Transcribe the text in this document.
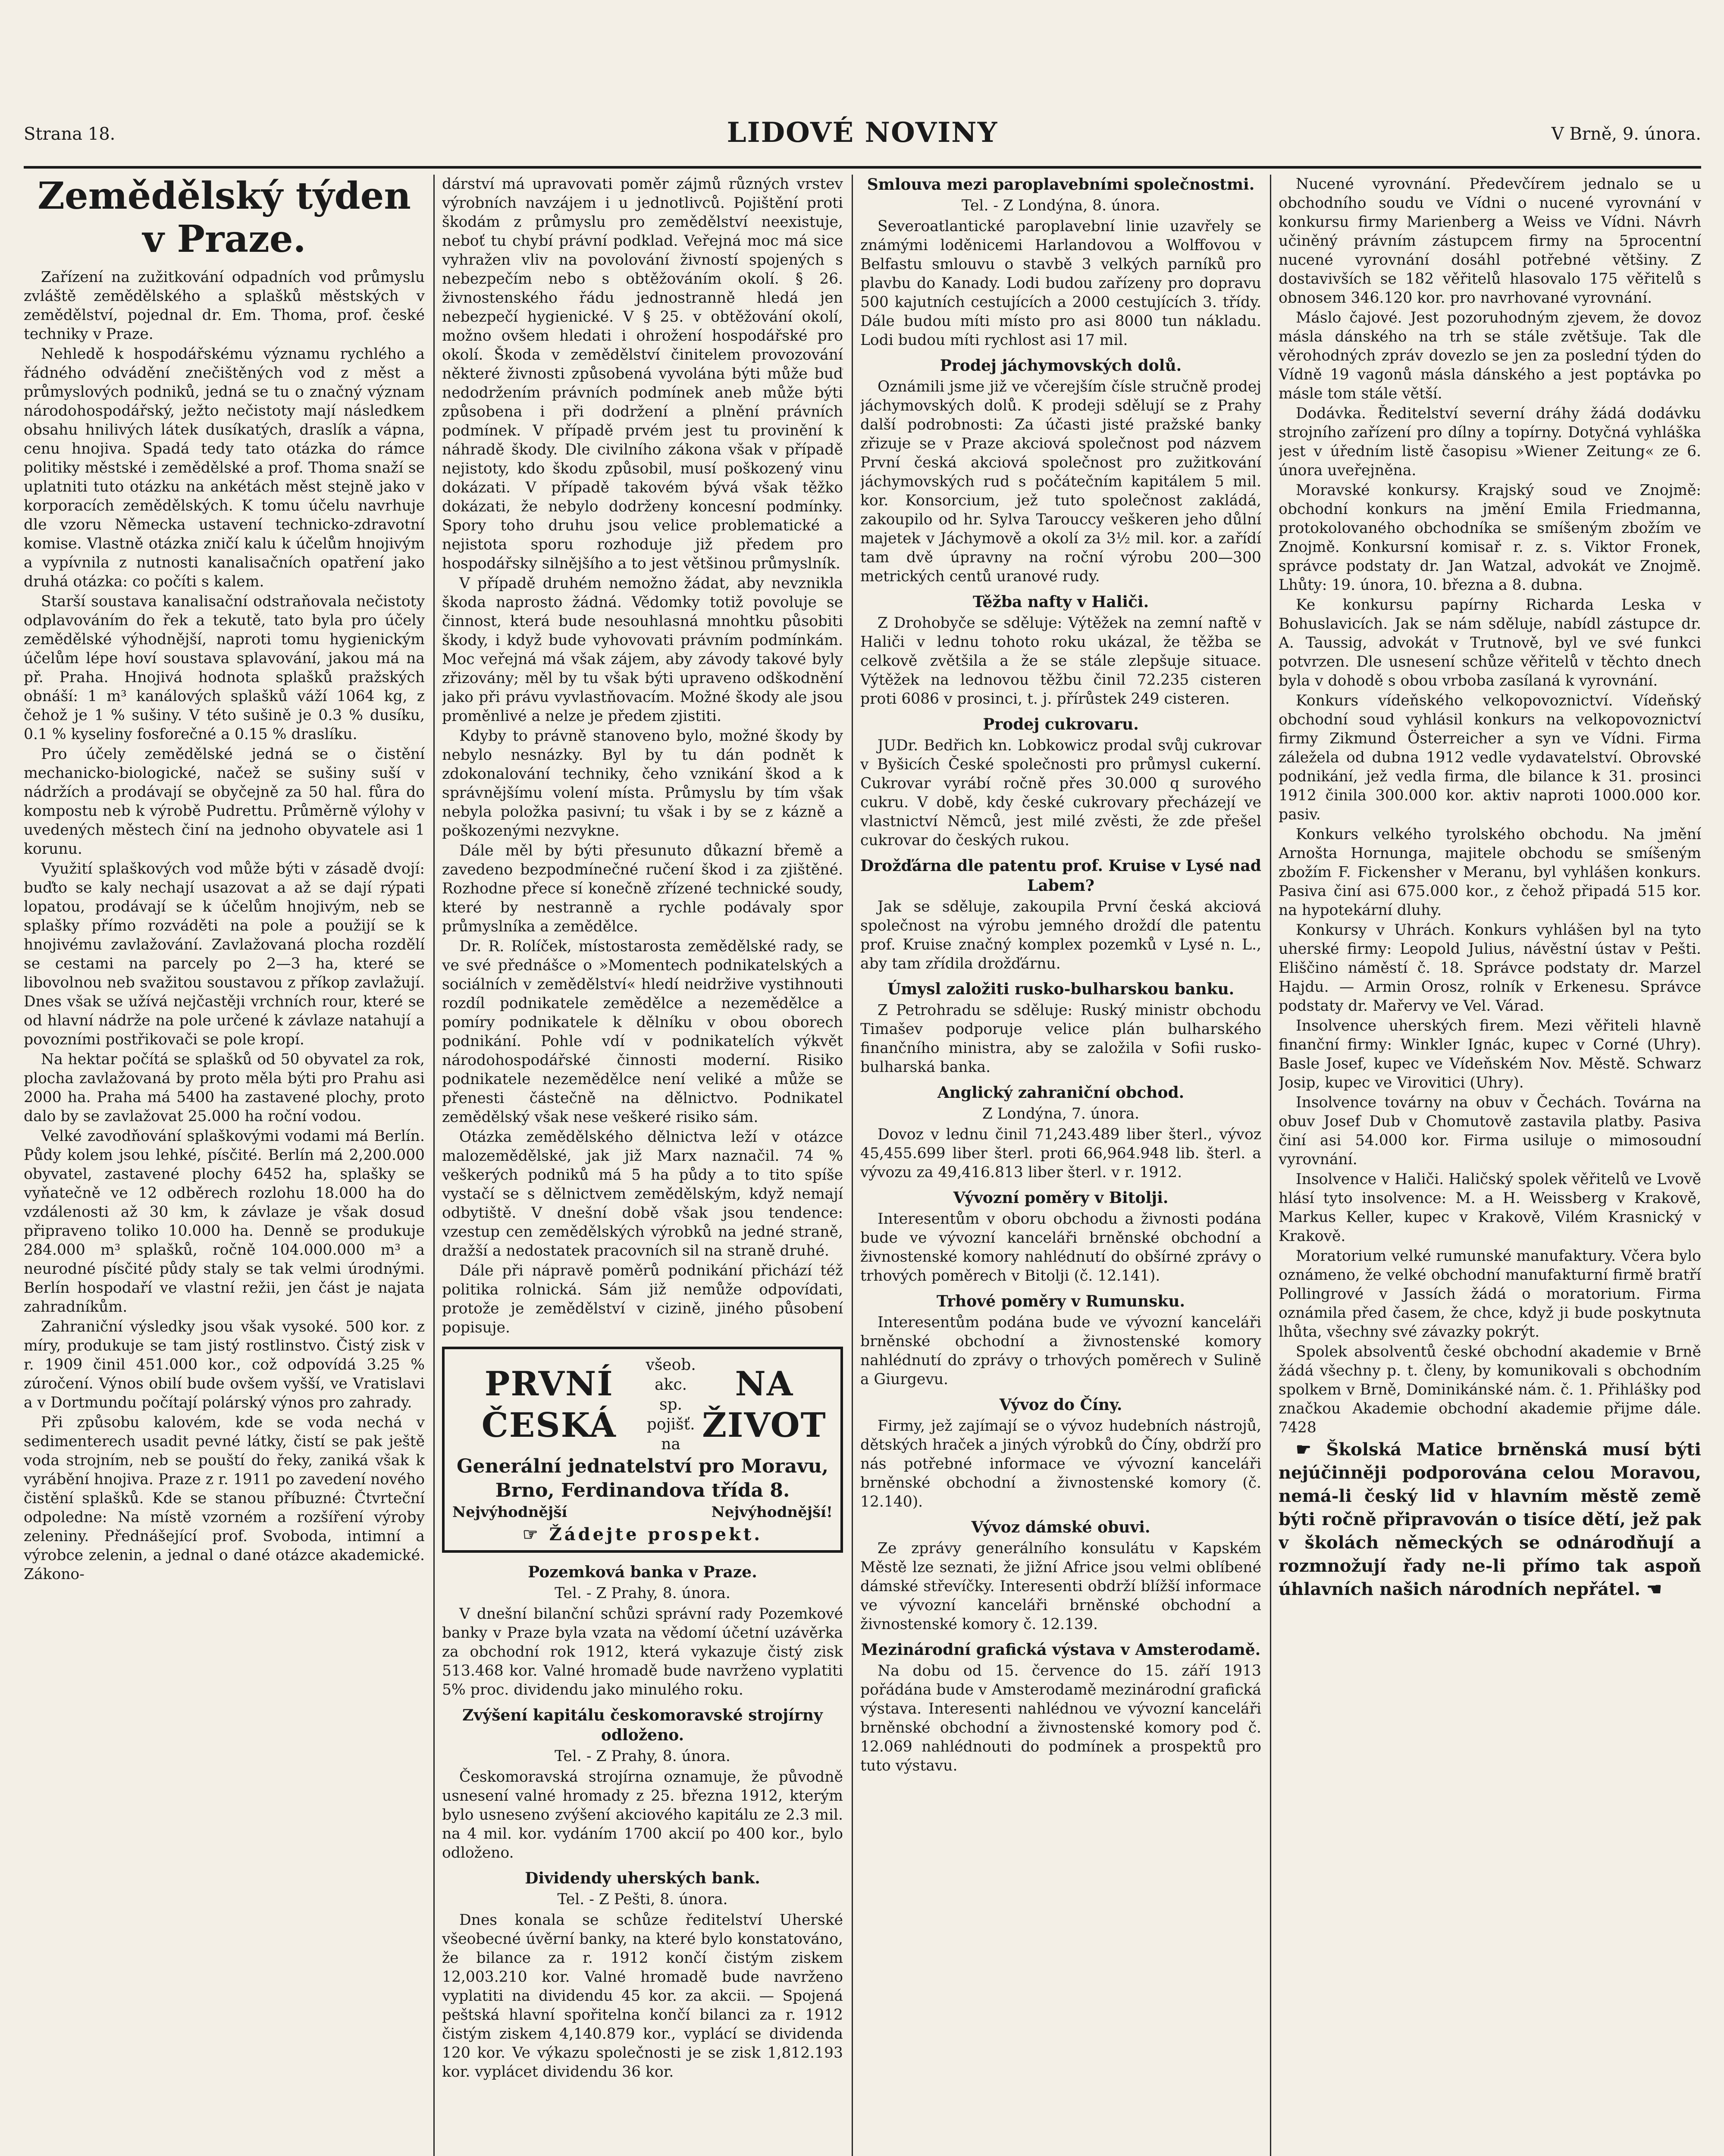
Strana 18.	LIDOVÉ NOVINY	V Brně, 9. února.
Zemědělský týden v Praze.

Zařízení na zužitkování odpadních vod průmyslu zvláště zemědělského a splašků městských v zemědělství, pojednal dr. Em. Thoma, prof. české techniky v Praze.

Nehledě k hospodářskému významu rychlého a řádného odvádění znečištěných vod z měst a průmyslových podniků, jedná se tu o značný význam národohospodářský, ježto nečistoty mají následkem obsahu hnilivých látek dusíkatých, draslík a vápna, cenu hnojiva. Spadá tedy tato otázka do rámce politiky městské i zemědělské a prof. Thoma snaží se uplatniti tuto otázku na ankétách měst stejně jako v korporacích zemědělských. K tomu účelu navrhuje dle vzoru Německa ustavení technicko-zdravotní komise. Vlastně otázka zničí kalu k účelům hnojivým a vypívnila z nutnosti kanalisačních opatření jako druhá otázka: co počíti s kalem.

Starší soustava kanalisační odstraňovala nečistoty odplavováním do řek a tekutě, tato byla pro účely zemědělské výhodnější, naproti tomu hygienickým účelům lépe hoví soustava splavování, jakou má na př. Praha. Hnojivá hodnota splašků pražských obnáší: 1 m³ kanálových splašků váží 1064 kg, z čehož je 1 % sušiny. V této sušině je 0.3 % dusíku, 0.1 % kyseliny fosforečné a 0.15 % draslíku.

Pro účely zemědělské jedná se o čistění mechanicko-biologické, načež se sušiny suší v nádržích a prodávají se obyčejně za 50 hal. fůra do kompostu neb k výrobě Pudrettu. Průměrně výlohy v uvedených městech činí na jednoho obyvatele asi 1 korunu.

Využití splaškových vod může býti v zásadě dvojí: buďto se kaly nechají usazovat a až se dají rýpati lopatou, prodávají se k účelům hnojivým, neb se splašky přímo rozváděti na pole a použijí se k hnojivému zavlažování. Zavlažovaná plocha rozdělí se cestami na parcely po 2—3 ha, které se libovolnou neb svažitou soustavou z příkop zavlažují. Dnes však se užívá nejčastěji vrchních rour, které se od hlavní nádrže na pole určené k závlaze natahují a povozními postřikovači se pole kropí.

Na hektar počítá se splašků od 50 obyvatel za rok, plocha zavlažovaná by proto měla býti pro Prahu asi 2000 ha. Praha má 5400 ha zastavené plochy, proto dalo by se zavlažovat 25.000 ha roční vodou.

Velké zavodňování splaškovými vodami má Berlín. Půdy kolem jsou lehké, písčité. Berlín má 2,200.000 obyvatel, zastavené plochy 6452 ha, splašky se vyňatečně ve 12 odběrech rozlohu 18.000 ha do vzdálenosti až 30 km, k závlaze je však dosud připraveno toliko 10.000 ha. Denně se produkuje 284.000 m³ splašků, ročně 104.000.000 m³ a neurodné písčité půdy staly se tak velmi úrodnými. Berlín hospodaří ve vlastní režii, jen část je najata zahradníkům.

Zahraniční výsledky jsou však vysoké. 500 kor. z míry, produkuje se tam jistý rostlinstvo. Čistý zisk v r. 1909 činil 451.000 kor., což odpovídá 3.25 % zúročení. Výnos obilí bude ovšem vyšší, ve Vratislavi a v Dortmundu počítají polárský výnos pro zahrady.

Při způsobu kalovém, kde se voda nechá v sedimenterech usadit pevné látky, čistí se pak ještě voda strojním, neb se pouští do řeky, zaniká však k vyrábění hnojiva. Praze z r. 1911 po zavedení nového čistění splašků. Kde se stanou příbuzné: Čtvrteční odpoledne: Na místě vzorném a rozšíření výroby zeleniny. Přednášející prof. Svoboda, intimní a výrobce zelenin, a jednal o dané otázce akademické. Zákono-

dárství má upravovati poměr zájmů různých vrstev výrobních navzájem i u jednotlivců. Pojištění proti škodám z průmyslu pro zemědělství neexistuje, neboť tu chybí právní podklad. Veřejná moc má sice vyhražen vliv na povolování živností spojených s nebezpečím nebo s obtěžováním okolí. § 26. živnostenského řádu jednostranně hledá jen nebezpečí hygienické. V § 25. v obtěžování okolí, možno ovšem hledati i ohrožení hospodářské pro okolí. Škoda v zemědělství činitelem provozování některé živnosti způsobená vyvolána býti může buď nedodržením právních podmínek aneb může býti způsobena i při dodržení a plnění právních podmínek. V případě prvém jest tu provinění k náhradě škody. Dle civilního zákona však v případě nejistoty, kdo škodu způsobil, musí poškozený vinu dokázati. V případě takovém bývá však těžko dokázati, že nebylo dodrženy koncesní podmínky. Spory toho druhu jsou velice problematické a nejistota sporu rozhoduje již předem pro hospodářsky silnějšího a to jest většinou průmyslník.

V případě druhém nemožno žádat, aby nevznikla škoda naprosto žádná. Vědomky totiž povoluje se činnost, která bude nesouhlasná mnohtku působiti škody, i když bude vyhovovati právním podmínkám. Moc veřejná má však zájem, aby závody takové byly zřizovány; měl by tu však býti upraveno odškodnění jako při právu vyvlastňovacím. Možné škody ale jsou proměnlivé a nelze je předem zjistiti.

Kdyby to právně stanoveno bylo, možné škody by nebylo nesnázky. Byl by tu dán podnět k zdokonalování techniky, čeho vznikání škod a k správnějšímu volení místa. Průmyslu by tím však nebyla položka pasivní; tu však i by se z kázně a poškozenými nezvykne.

Dále měl by býti přesunuto důkazní břemě a zavedeno bezpodmínečné ručení škod i za zjištěné. Rozhodne přece sí konečně zřízené technické soudy, které by nestranně a rychle podávaly spor průmyslníka a zemědělce.

Dr. R. Rolíček, místostarosta zemědělské rady, se ve své přednášce o »Momentech podnikatelských a sociálních v zemědělství« hledí neidržive vystihnouti rozdíl podnikatele zemědělce a nezemědělce a pomíry podnikatele k dělníku v obou oborech podnikání. Pohle vdí v podnikatelích výkvět národohospodářské činnosti moderní. Risiko podnikatele nezemědělce není veliké a může se přenesti částečně na dělnictvo. Podnikatel zemědělský však nese veškeré risiko sám.

Otázka zemědělského dělnictva leží v otázce malozemědělské, jak již Marx naznačil. 74 % veškerých podniků má 5 ha půdy a to tito spíše vystačí se s dělnictvem zemědělským, když nemají odbytiště. V dnešní době však jsou tendence: vzestup cen zemědělských výrobků na jedné straně, dražší a nedostatek pracovních sil na straně druhé.

Dále při nápravě poměrů podnikání přichází též politika rolnická. Sám již nemůže odpovídati, protože je zemědělství v cizině, jiného působení popisuje.

PRVNÍ ČESKÁ
všeob. akc. sp. pojišť. na
NA ŽIVOT
Generální jednatelství pro Moravu,
Brno, Ferdinandova třída 8.
Nejvýhodnější	Nejvýhodnější!
☞ Žádejte prospekt.
Pozemková banka v Praze.
Tel. - Z Prahy, 8. února.

V dnešní bilanční schůzi správní rady Pozemkové banky v Praze byla vzata na vědomí účetní uzávěrka za obchodní rok 1912, která vykazuje čistý zisk 513.468 kor. Valné hromadě bude navrženo vyplatiti 5% proc. dividendu jako minulého roku.

Zvýšení kapitálu českomoravské strojírny odloženo.
Tel. - Z Prahy, 8. února.

Českomoravská strojírna oznamuje, že původně usnesení valné hromady z 25. března 1912, kterým bylo usneseno zvýšení akciového kapitálu ze 2.3 mil. na 4 mil. kor. vydáním 1700 akcií po 400 kor., bylo odloženo.

Dividendy uherských bank.
Tel. - Z Pešti, 8. února.

Dnes konala se schůze ředitelství Uherské všeobecné úvěrní banky, na které bylo konstatováno, že bilance za r. 1912 končí čistým ziskem 12,003.210 kor. Valné hromadě bude navrženo vyplatiti na dividendu 45 kor. za akcii. — Spojená peštská hlavní spořitelna končí bilanci za r. 1912 čistým ziskem 4,140.879 kor., vyplácí se dividenda 120 kor. Ve výkazu společnosti je se zisk 1,812.193 kor. vyplácet dividendu 36 kor.

Smlouva mezi paroplavebními společnostmi.
Tel. - Z Londýna, 8. února.

Severoatlantické paroplavební linie uzavřely se známými loděnicemi Harlandovou a Wolffovou v Belfastu smlouvu o stavbě 3 velkých parníků pro plavbu do Kanady. Lodi budou zařízeny pro dopravu 500 kajutních cestujících a 2000 cestujících 3. třídy. Dále budou míti místo pro asi 8000 tun nákladu. Lodi budou míti rychlost asi 17 mil.

Prodej jáchymovských dolů.

Oznámili jsme již ve včerejším čísle stručně prodej jáchymovských dolů. K prodeji sdělují se z Prahy další podrobnosti: Za účasti jisté pražské banky zřizuje se v Praze akciová společnost pod názvem První česká akciová společnost pro zužitkování jáchymovských rud s počátečním kapitálem 5 mil. kor. Konsorcium, jež tuto společnost zakládá, zakoupilo od hr. Sylva Tarouccy veškeren jeho důlní majetek v Jáchymově a okolí za 3½ mil. kor. a zařídí tam dvě úpravny na roční výrobu 200—300 metrických centů uranové rudy.

Těžba nafty v Haliči.

Z Drohobyče se sděluje: Výtěžek na zemní naftě v Haliči v lednu tohoto roku ukázal, že těžba se celkově zvětšila a že se stále zlepšuje situace. Výtěžek na lednovou těžbu činil 72.235 cisteren proti 6086 v prosinci, t. j. přírůstek 249 cisteren.

Prodej cukrovaru.

JUDr. Bedřich kn. Lobkowicz prodal svůj cukrovar v Byšicích České společnosti pro průmysl cukerní. Cukrovar vyrábí ročně přes 30.000 q surového cukru. V době, kdy české cukrovary přecházejí ve vlastnictví Němců, jest milé zvěsti, že zde přešel cukrovar do českých rukou.

Drožďárna dle patentu prof. Kruise v Lysé nad Labem?

Jak se sděluje, zakoupila První česká akciová společnost na výrobu jemného droždí dle patentu prof. Kruise značný komplex pozemků v Lysé n. L., aby tam zřídila drožďárnu.

Úmysl založiti rusko-bulharskou banku.

Z Petrohradu se sděluje: Ruský ministr obchodu Timašev podporuje velice plán bulharského finančního ministra, aby se založila v Sofii rusko-bulharská banka.

Anglický zahraniční obchod.
Z Londýna, 7. února.

Dovoz v lednu činil 71,243.489 liber šterl., vývoz 45,455.699 liber šterl. proti 66,964.948 lib. šterl. a vývozu za 49,416.813 liber šterl. v r. 1912.

Vývozní poměry v Bitolji.

Interesentům v oboru obchodu a živnosti podána bude ve vývozní kanceláři brněnské obchodní a živnostenské komory nahlédnutí do obšírné zprávy o trhových poměrech v Bitolji (č. 12.141).

Trhové poměry v Rumunsku.

Interesentům podána bude ve vývozní kanceláři brněnské obchodní a živnostenské komory nahlédnutí do zprávy o trhových poměrech v Sulině a Giurgevu.

Vývoz do Číny.

Firmy, jež zajímají se o vývoz hudebních nástrojů, dětských hraček a jiných výrobků do Číny, obdrží pro nás potřebné informace ve vývozní kanceláři brněnské obchodní a živnostenské komory (č. 12.140).

Vývoz dámské obuvi.

Ze zprávy generálního konsulátu v Kapském Městě lze seznati, že jižní Africe jsou velmi oblíbené dámské střevíčky. Interesenti obdrží blížší informace ve vývozní kanceláři brněnské obchodní a živnostenské komory č. 12.139.

Mezinárodní grafická výstava v Amsterodamě.

Na dobu od 15. července do 15. září 1913 pořádána bude v Amsterodamě mezinárodní grafická výstava. Interesenti nahlédnou ve vývozní kanceláři brněnské obchodní a živnostenské komory pod č. 12.069 nahlédnouti do podmínek a prospektů pro tuto výstavu.

Nucené vyrovnání. Předevčírem jednalo se u obchodního soudu ve Vídni o nucené vyrovnání v konkursu firmy Marienberg a Weiss ve Vídni. Návrh učiněný právním zástupcem firmy na 5procentní nucené vyrovnání dosáhl potřebné většiny. Z dostavivších se 182 věřitelů hlasovalo 175 věřitelů s obnosem 346.120 kor. pro navrhované vyrovnání.

Máslo čajové. Jest pozoruhodným zjevem, že dovoz másla dánského na trh se stále zvětšuje. Tak dle věrohodných zpráv dovezlo se jen za poslední týden do Vídně 19 vagonů másla dánského a jest poptávka po másle tom stále větší.

Dodávka. Ředitelství severní dráhy žádá dodávku strojního zařízení pro dílny a topírny. Dotyčná vyhláška jest v úředním listě časopisu »Wiener Zeitung« ze 6. února uveřejněna.

Moravské konkursy. Krajský soud ve Znojmě: obchodní konkurs na jmění Emila Friedmanna, protokolovaného obchodníka se smíšeným zbožím ve Znojmě. Konkursní komisař r. z. s. Viktor Fronek, správce podstaty dr. Jan Watzal, advokát ve Znojmě. Lhůty: 19. února, 10. března a 8. dubna.

Ke konkursu papírny Richarda Leska v Bohuslavicích. Jak se nám sděluje, nabídl zástupce dr. A. Taussig, advokát v Trutnově, byl ve své funkci potvrzen. Dle usnesení schůze věřitelů v těchto dnech byla v dohodě s obou vrboba zasílaná k vyrovnání.

Konkurs vídeňského velkopovoznictví. Vídeňský obchodní soud vyhlásil konkurs na velkopovoznictví firmy Zikmund Österreicher a syn ve Vídni. Firma záležela od dubna 1912 vedle vydavatelství. Obrovské podnikání, jež vedla firma, dle bilance k 31. prosinci 1912 činila 300.000 kor. aktiv naproti 1000.000 kor. pasiv.

Konkurs velkého tyrolského obchodu. Na jmění Arnošta Hornunga, majitele obchodu se smíšeným zbožím F. Fickensher v Meranu, byl vyhlášen konkurs. Pasiva činí asi 675.000 kor., z čehož připadá 515 kor. na hypotekární dluhy.

Konkursy v Uhrách. Konkurs vyhlášen byl na tyto uherské firmy: Leopold Julius, návěstní ústav v Pešti. Eliščino náměstí č. 18. Správce podstaty dr. Marzel Hajdu. — Armin Orosz, rolník v Erkenesu. Správce podstaty dr. Mařervy ve Vel. Várad.

Insolvence uherských firem. Mezi věřiteli hlavně finanční firmy: Winkler Ignác, kupec v Corné (Uhry). Basle Josef, kupec ve Vídeňském Nov. Městě. Schwarz Josip, kupec ve Virovitici (Uhry).

Insolvence továrny na obuv v Čechách. Továrna na obuv Josef Dub v Chomutově zastavila platby. Pasiva činí asi 54.000 kor. Firma usiluje o mimosoudní vyrovnání.

Insolvence v Haliči. Haličský spolek věřitelů ve Lvově hlásí tyto insolvence: M. a H. Weissberg v Krakově, Markus Keller, kupec v Krakově, Vilém Krasnický v Krakově.

Moratorium velké rumunské manufaktury. Včera bylo oznámeno, že velké obchodní manufakturní firmě bratří Pollingrové v Jassích žádá o moratorium. Firma oznámila před časem, že chce, když ji bude poskytnuta lhůta, všechny své závazky pokrýt.

Spolek absolventů české obchodní akademie v Brně žádá všechny p. t. členy, by komunikovali s obchodním spolkem v Brně, Dominikánské nám. č. 1. Přihlášky pod značkou Akademie obchodní akademie přijme dále. 7428

☛ Školská Matice brněnská musí býti nejúčinněji podporována celou Moravou, nemá-li český lid v hlavním městě země býti ročně připravován o tisíce dětí, jež pak v školách německých se odnárodňují a rozmnožují řady ne-li přímo tak aspoň úhlavních našich národních nepřátel. ☚
